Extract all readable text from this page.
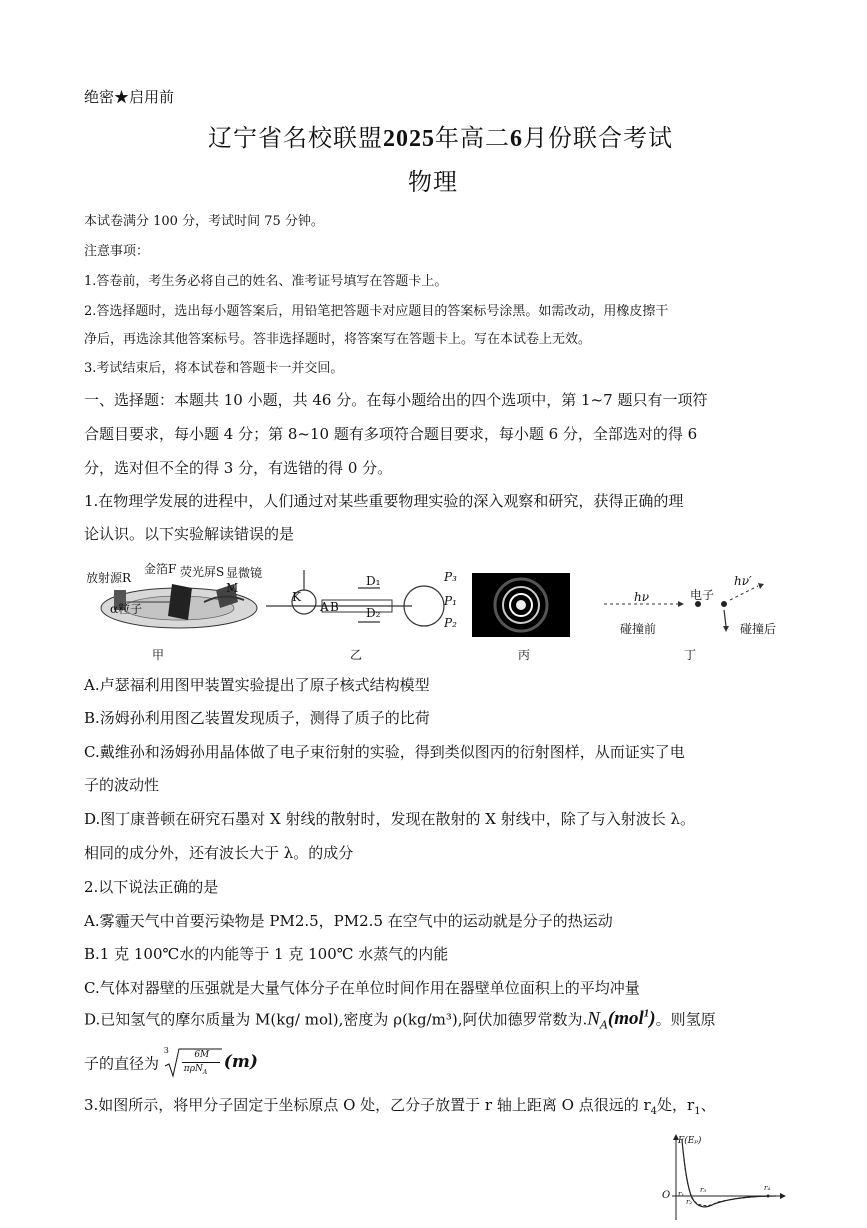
绝密★启用前
辽宁省名校联盟2025年高二6月份联合考试
物理
本试卷满分 100 分，考试时间 75 分钟。
注意事项：
1.答卷前，考生务必将自己的姓名、准考证号填写在答题卡上。
2.答选择题时，选出每小题答案后，用铅笔把答题卡对应题目的答案标号涂黑。如需改动，用橡皮擦干
净后，再选涂其他答案标号。答非选择题时，将答案写在答题卡上。写在本试卷上无效。
3.考试结束后，将本试卷和答题卡一并交回。
一、选择题：本题共 10 小题，共 46 分。在每小题给出的四个选项中，第 1~7 题只有一项符
合题目要求，每小题 4 分；第 8~10 题有多项符合题目要求，每小题 6 分，全部选对的得 6
分，选对但不全的得 3 分，有选错的得 0 分。
1.在物理学发展的进程中，人们通过对某些重要物理实验的深入观察和研究，获得正确的理
论认识。以下实验解读错误的是
放射源R
金箔F 荧光屏S 显微镜M
α粒子
甲
K
A B
D₁
D₂
P₃
P₁
P₂
乙	丙
hν	电子
hν′
碰撞前	碰撞后
丁
A.卢瑟福利用图甲装置实验提出了原子核式结构模型
B.汤姆孙利用图乙装置发现质子，测得了质子的比荷
C.戴维孙和汤姆孙用晶体做了电子束衍射的实验，得到类似图丙的衍射图样，从而证实了电
子的波动性
D.图丁康普顿在研究石墨对 X 射线的散射时，发现在散射的 X 射线中，除了与入射波长 λ。
相同的成分外，还有波长大于 λ。的成分
2.以下说法正确的是
A.雾霾天气中首要污染物是 PM2.5，PM2.5 在空气中的运动就是分子的热运动
B.1 克 100℃水的内能等于 1 克 100℃ 水蒸气的内能
C.气体对器壁的压强就是大量气体分子在单位时间作用在器壁单位面积上的平均冲量
D.已知氢气的摩尔质量为 M(kg/ mol),密度为 ρ(kg/m³),阿伏加德罗常数为$.N_A(mol^1)$。则氢原
子的直径为
3	6M
πρN$_A$
(m)
3.如图所示，将甲分子固定于坐标原点 O 处，乙分子放置于 r 轴上距离 O 点很远的 $r_4$处，$r_1$、
F(Eₚ)
O r₁
r₂
r₃	r₄
